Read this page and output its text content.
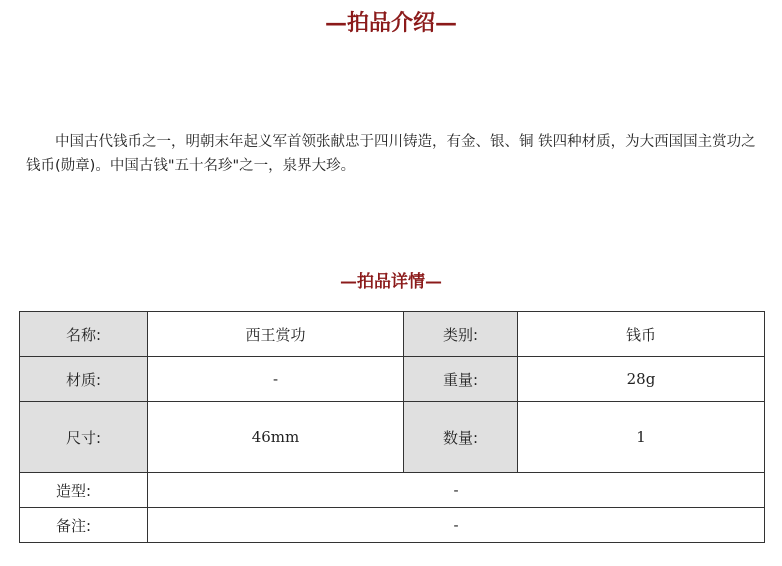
—拍品介绍—
中国古代钱币之一，明朝末年起义军首领张献忠于四川铸造，有金、银、铜 铁四种材质，为大西国国主赏功之钱币(勋章)。中国古钱"五十名珍"之一，泉界大珍。
—拍品详情—
名称:	西王赏功	类别:	钱币
材质:	-	重量:	28g
尺寸:	46mm	数量:	1
造型:	-		
备注:	-		
